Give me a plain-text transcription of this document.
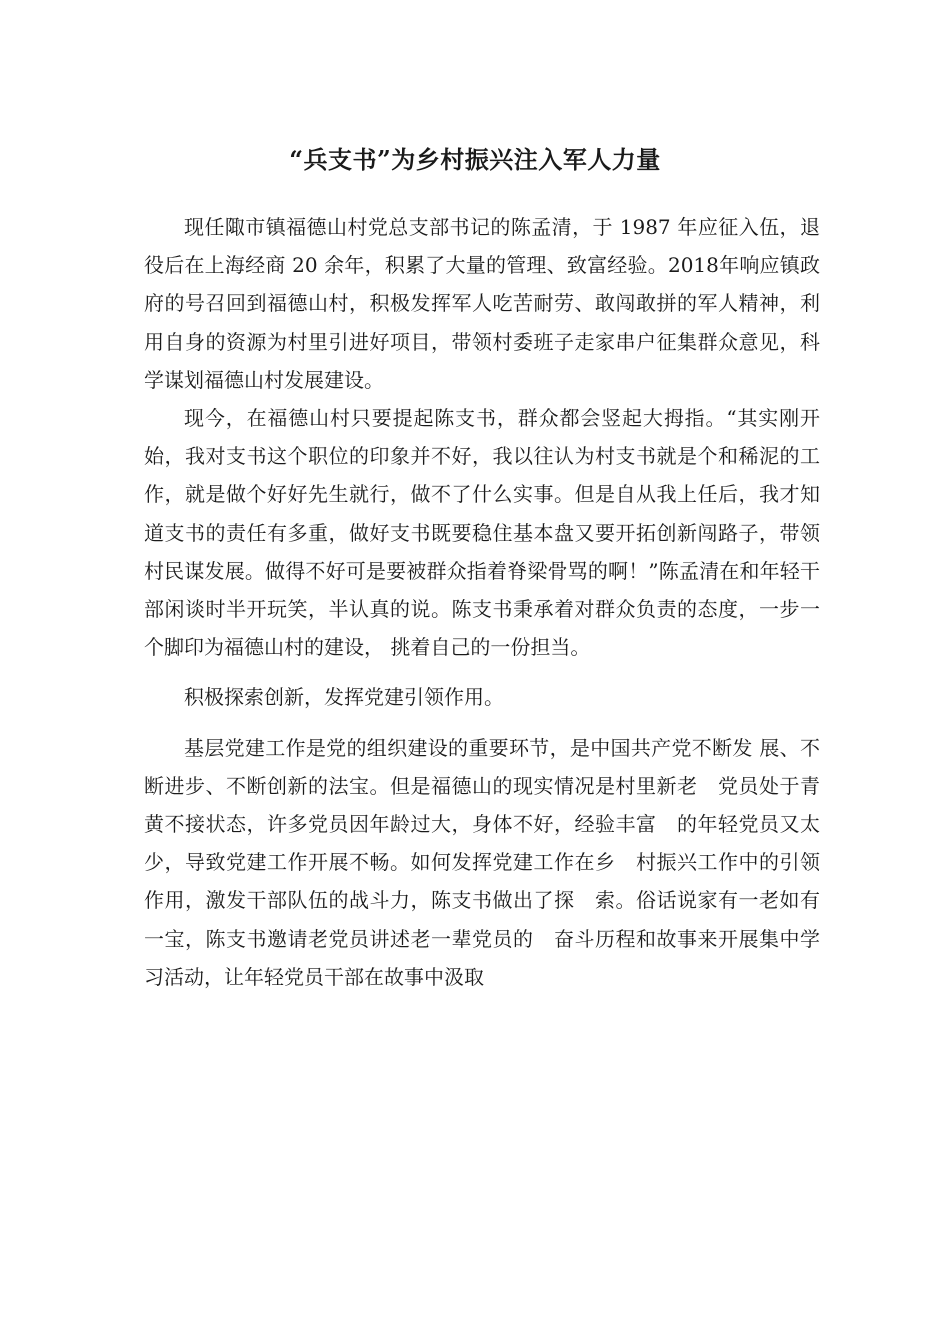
“兵支书”为乡村振兴注入军人力量

现任陬市镇福德山村党总支部书记的陈孟清，于 1987 年应征入伍，退役后在上海经商 20 余年，积累了大量的管理、致富经验。2018年响应镇政府的号召回到福德山村，积极发挥军人吃苦耐劳、敢闯敢拼的军人精神，利用自身的资源为村里引进好项目，带领村委班子走家串户征集群众意见，科学谋划福德山村发展建设。

现今，在福德山村只要提起陈支书，群众都会竖起大拇指。“其实刚开始，我对支书这个职位的印象并不好，我以往认为村支书就是个和稀泥的工作，就是做个好好先生就行，做不了什么实事。但是自从我上任后，我才知道支书的责任有多重，做好支书既要稳住基本盘又要开拓创新闯路子，带领村民谋发展。做得不好可是要被群众指着脊梁骨骂的啊！”陈孟清在和年轻干部闲谈时半开玩笑，半认真的说。陈支书秉承着对群众负责的态度，一步一个脚印为福德山村的建设， 挑着自己的一份担当。

积极探索创新，发挥党建引领作用。

基层党建工作是党的组织建设的重要环节，是中国共产党不断发 展、不断进步、不断创新的法宝。但是福德山的现实情况是村里新老　党员处于青黄不接状态，许多党员因年龄过大，身体不好，经验丰富　的年轻党员又太少，导致党建工作开展不畅。如何发挥党建工作在乡　村振兴工作中的引领作用，激发干部队伍的战斗力，陈支书做出了探　索。俗话说家有一老如有一宝，陈支书邀请老党员讲述老一辈党员的　奋斗历程和故事来开展集中学习活动，让年轻党员干部在故事中汲取
